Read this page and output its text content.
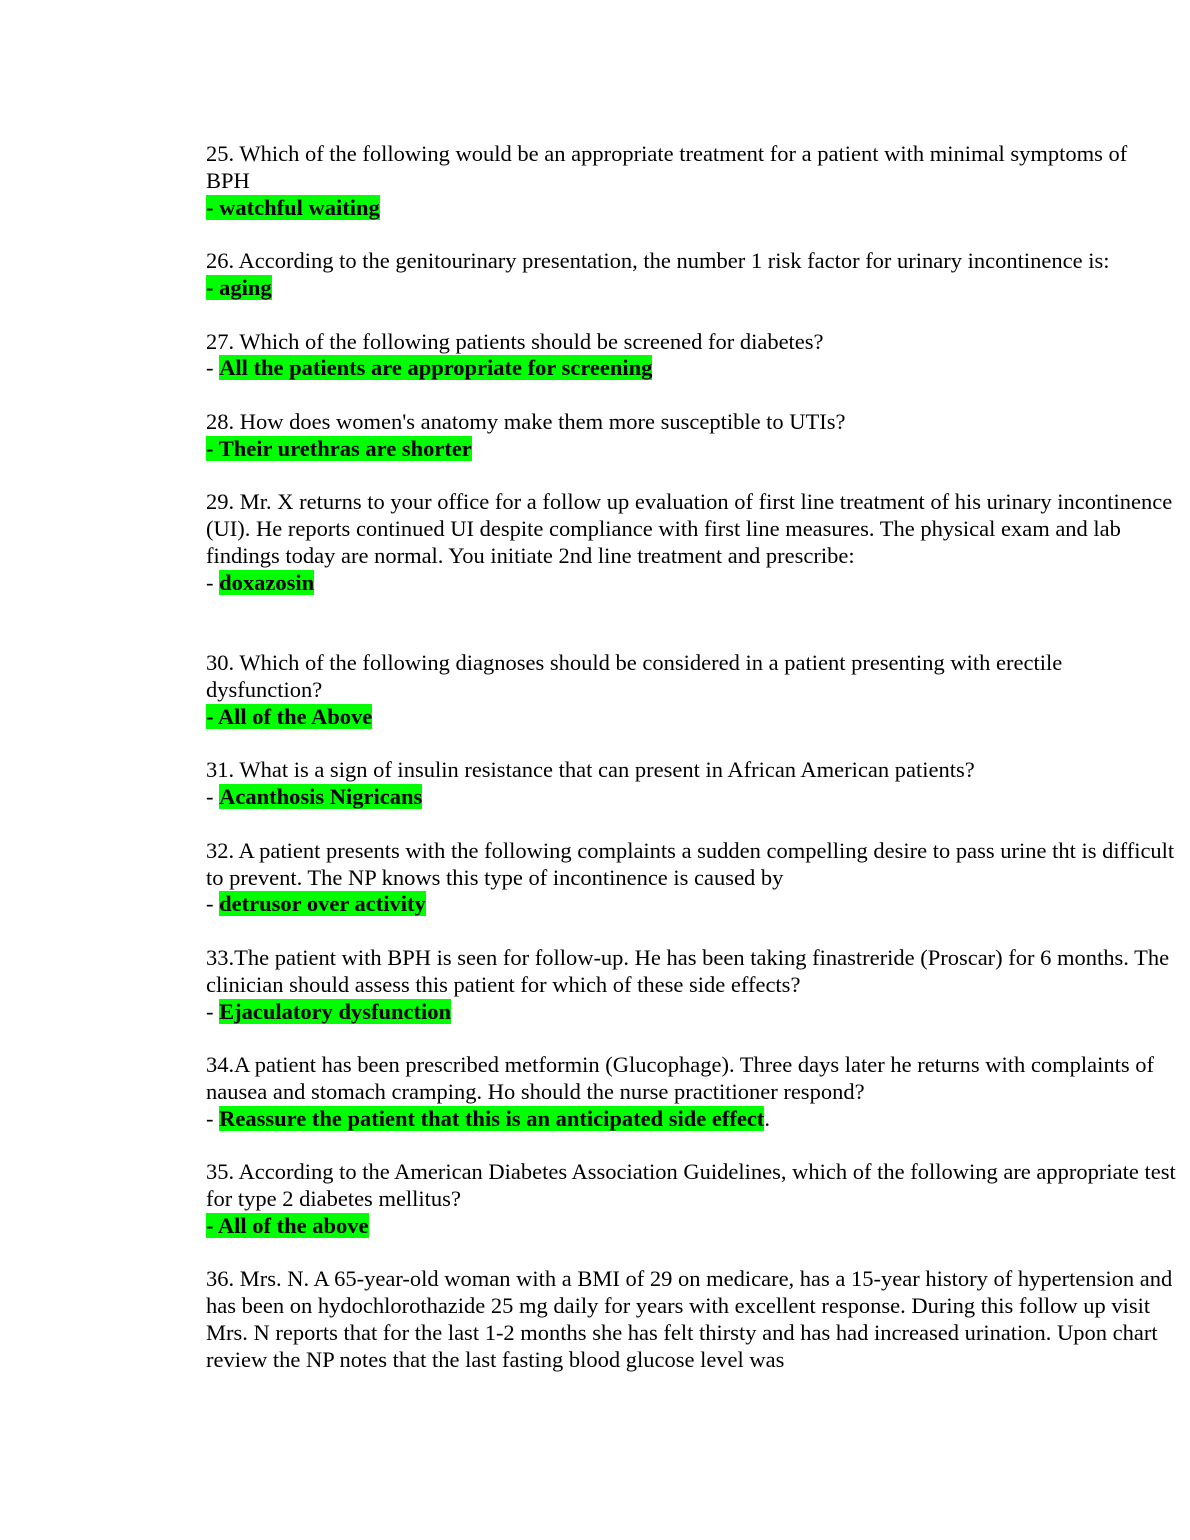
25. Which of the following would be an appropriate treatment for a patient with minimal symptoms of BPH
- watchful waiting
26. According to the genitourinary presentation, the number 1 risk factor for urinary incontinence is:
- aging
27. Which of the following patients should be screened for diabetes?
- All the patients are appropriate for screening
28. How does women's anatomy make them more susceptible to UTIs?
- Their urethras are shorter
29. Mr. X returns to your office for a follow up evaluation of first line treatment of his urinary incontinence (UI). He reports continued UI despite compliance with first line measures. The physical exam and lab findings today are normal. You initiate 2nd line treatment and prescribe:
- doxazosin
30. Which of the following diagnoses should be considered in a patient presenting with erectile dysfunction?
- All of the Above
31. What is a sign of insulin resistance that can present in African American patients?
- Acanthosis Nigricans
32. A patient presents with the following complaints a sudden compelling desire to pass urine tht is difficult to prevent. The NP knows this type of incontinence is caused by
- detrusor over activity
33.The patient with BPH is seen for follow-up. He has been taking finastreride (Proscar) for 6 months. The clinician should assess this patient for which of these side effects?
- Ejaculatory dysfunction
34.A patient has been prescribed metformin (Glucophage). Three days later he returns with complaints of nausea and stomach cramping. Ho should the nurse practitioner respond?
- Reassure the patient that this is an anticipated side effect.
35. According to the American Diabetes Association Guidelines, which of the following are appropriate test for type 2 diabetes mellitus?
- All of the above
36. Mrs. N. A 65-year-old woman with a BMI of 29 on medicare, has a 15-year history of hypertension and has been on hydochlorothazide 25 mg daily for years with excellent response. During this follow up visit Mrs. N reports that for the last 1-2 months she has felt thirsty and has had increased urination. Upon chart review the NP notes that the last fasting blood glucose level was
